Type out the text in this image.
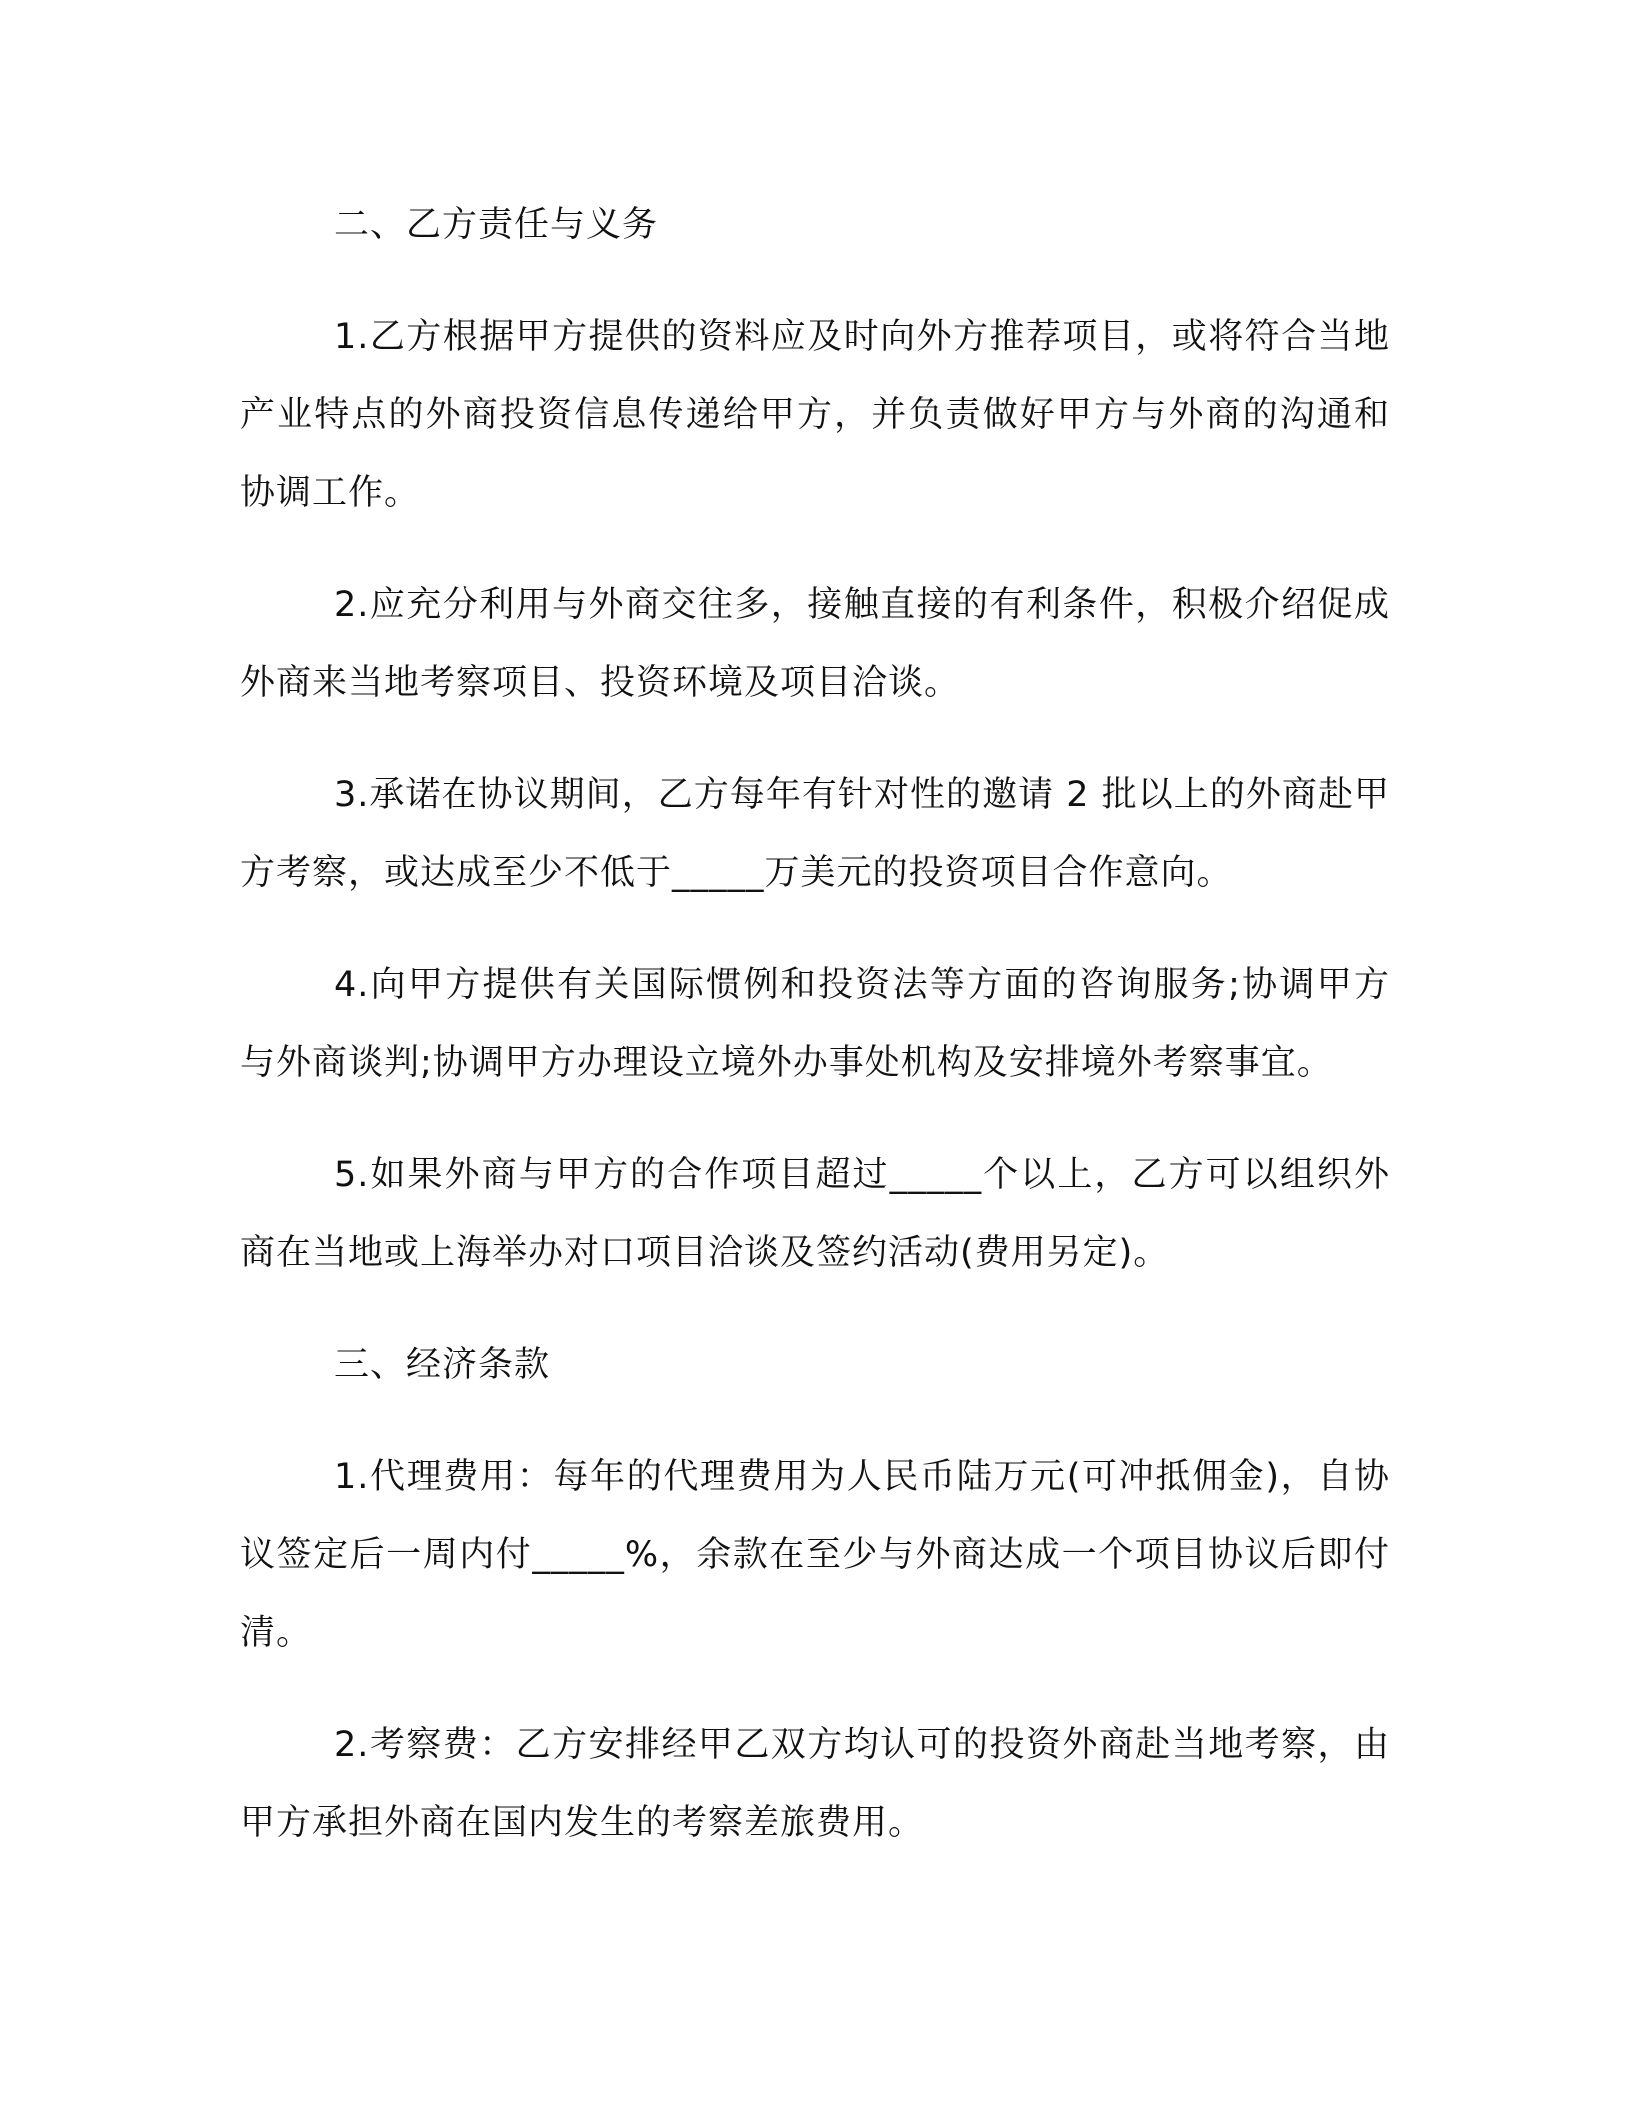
二、乙方责任与义务

1.乙方根据甲方提供的资料应及时向外方推荐项目，或将符合当地产业特点的外商投资信息传递给甲方，并负责做好甲方与外商的沟通和协调工作。

2.应充分利用与外商交往多，接触直接的有利条件，积极介绍促成外商来当地考察项目、投资环境及项目洽谈。

3.承诺在协议期间，乙方每年有针对性的邀请 2 批以上的外商赴甲方考察，或达成至少不低于_____万美元的投资项目合作意向。

4.向甲方提供有关国际惯例和投资法等方面的咨询服务;协调甲方与外商谈判;协调甲方办理设立境外办事处机构及安排境外考察事宜。

5.如果外商与甲方的合作项目超过_____个以上，乙方可以组织外商在当地或上海举办对口项目洽谈及签约活动(费用另定)。

三、经济条款

1.代理费用：每年的代理费用为人民币陆万元(可冲抵佣金)，自协议签定后一周内付_____%，余款在至少与外商达成一个项目协议后即付清。

2.考察费：乙方安排经甲乙双方均认可的投资外商赴当地考察，由甲方承担外商在国内发生的考察差旅费用。
